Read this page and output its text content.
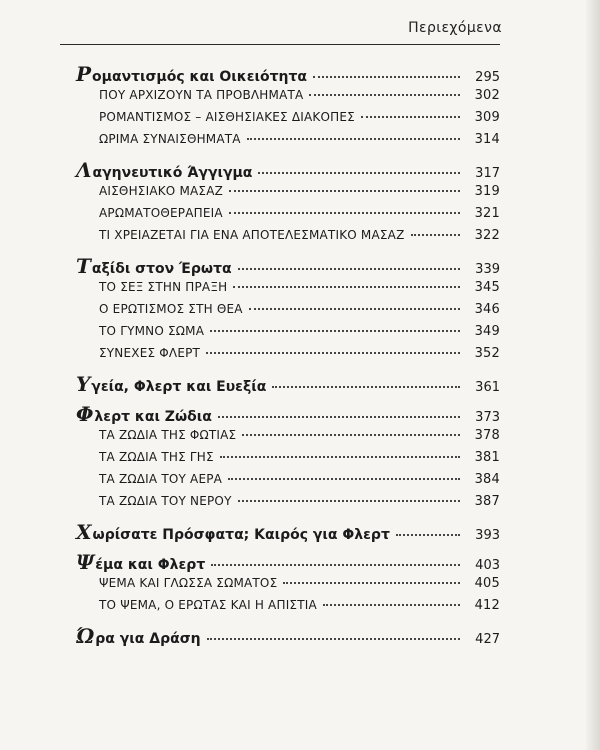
Περιεχόμενα
Ρομαντισμός και Οικειότητα	295
ΠΟΥ ΑΡΧΙΖΟΥΝ ΤΑ ΠΡΟΒΛΗΜΑΤΑ	302
ΡΟΜΑΝΤΙΣΜΟΣ – ΑΙΣΘΗΣΙΑΚΕΣ ΔΙΑΚΟΠΕΣ	309
ΩΡΙΜΑ ΣΥΝΑΙΣΘΗΜΑΤΑ	314
Λαγηνευτικό Άγγιγμα	317
ΑΙΣΘΗΣΙΑΚΟ ΜΑΣΑΖ	319
ΑΡΩΜΑΤΟΘΕΡΑΠΕΙΑ	321
ΤΙ ΧΡΕΙΑΖΕΤΑΙ ΓΙΑ ΕΝΑ ΑΠΟΤΕΛΕΣΜΑΤΙΚΟ ΜΑΣΑΖ	322
Ταξίδι στον Έρωτα	339
ΤΟ ΣΕΞ ΣΤΗΝ ΠΡΑΞΗ	345
Ο ΕΡΩΤΙΣΜΟΣ ΣΤΗ ΘΕΑ	346
ΤΟ ΓΥΜΝΟ ΣΩΜΑ	349
ΣΥΝΕΧΕΣ ΦΛΕΡΤ	352
Υγεία, Φλερτ και Ευεξία	361
Φλερτ και Ζώδια	373
ΤΑ ΖΩΔΙΑ ΤΗΣ ΦΩΤΙΑΣ	378
ΤΑ ΖΩΔΙΑ ΤΗΣ ΓΗΣ	381
ΤΑ ΖΩΔΙΑ ΤΟΥ ΑΕΡΑ	384
ΤΑ ΖΩΔΙΑ ΤΟΥ ΝΕΡΟΥ	387
Χωρίσατε Πρόσφατα; Καιρός για Φλερτ	393
Ψέμα και Φλερτ	403
ΨΕΜΑ ΚΑΙ ΓΛΩΣΣΑ ΣΩΜΑΤΟΣ	405
ΤΟ ΨΕΜΑ, Ο ΕΡΩΤΑΣ ΚΑΙ Η ΑΠΙΣΤΙΑ	412
Ώρα για Δράση	427
